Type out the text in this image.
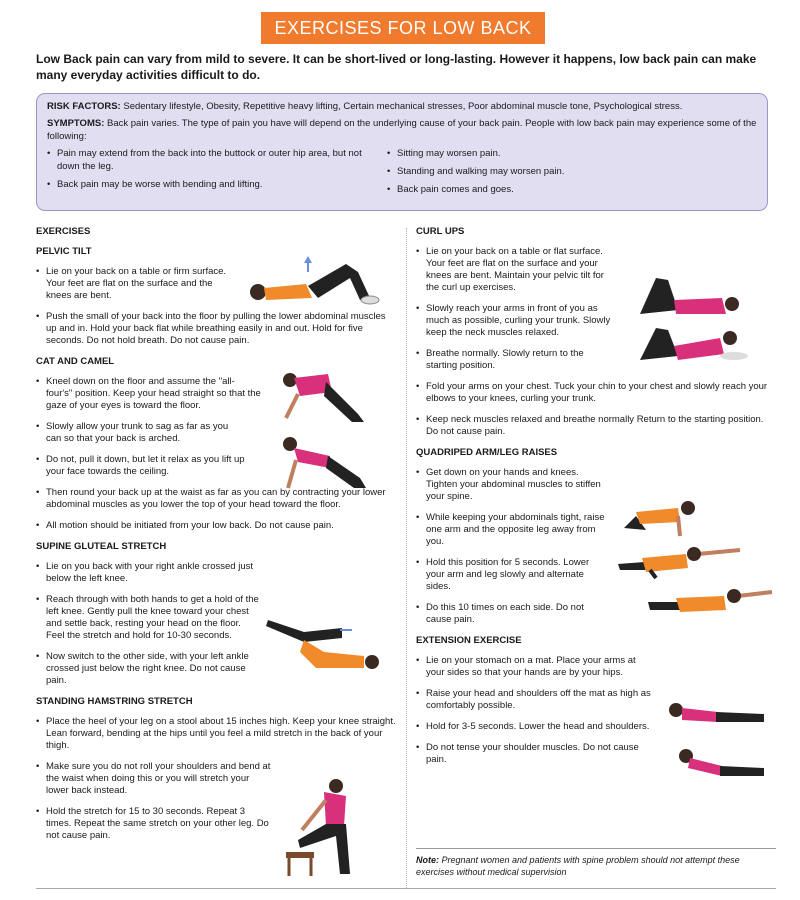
EXERCISES FOR LOW BACK
Low Back pain can vary from mild to severe. It can be short-lived or long-lasting. However it happens, low back pain can make many everyday activities difficult to do.

RISK FACTORS: Sedentary lifestyle, Obesity, Repetitive heavy lifting, Certain mechanical stresses, Poor abdominal muscle tone, Psychological stress.

SYMPTOMS: Back pain varies. The type of pain you have will depend on the underlying cause of your back pain. People with low back pain may experience some of the following:

• Pain may extend from the back into the buttock or outer hip area, but not down the leg.
• Back pain may be worse with bending and lifting.
• Sitting may worsen pain.
• Standing and walking may worsen pain.
• Back pain comes and goes.
EXERCISES
PELVIC TILT
• Lie on your back on a table or firm surface. Your feet are flat on the surface and the knees are bent.
• Push the small of your back into the floor by pulling the lower abdominal muscles up and in. Hold your back flat while breathing easily in and out. Hold for five seconds. Do not hold breath. Do not cause pain.
CAT AND CAMEL
• Kneel down on the floor and assume the "all-four's" position. Keep your head straight so that the gaze of your eyes is toward the floor.
• Slowly allow your trunk to sag as far as you can so that your back is arched.
• Do not, pull it down, but let it relax as you lift up your face towards the ceiling.
• Then round your back up at the waist as far as you can by contracting your lower abdominal muscles as you lower the top of your head toward the floor.
• All motion should be initiated from your low back. Do not cause pain.
SUPINE GLUTEAL STRETCH
• Lie on you back with your right ankle crossed just below the left knee.
• Reach through with both hands to get a hold of the left knee. Gently pull the knee toward your chest and settle back, resting your head on the floor. Feel the stretch and hold for 10-30 seconds.
• Now switch to the other side, with your left ankle crossed just below the right knee. Do not cause pain.
STANDING HAMSTRING STRETCH
• Place the heel of your leg on a stool about 15 inches high. Keep your knee straight. Lean forward, bending at the hips until you feel a mild stretch in the back of your thigh.
• Make sure you do not roll your shoulders and bend at the waist when doing this or you will stretch your lower back instead.
• Hold the stretch for 15 to 30 seconds. Repeat 3 times. Repeat the same stretch on your other leg. Do not cause pain.
CURL UPS
• Lie on your back on a table or flat surface. Your feet are flat on the surface and your knees are bent. Maintain your pelvic tilt for the curl up exercises.
• Slowly reach your arms in front of you as much as possible, curling your trunk. Slowly keep the neck muscles relaxed.
• Breathe normally. Slowly return to the starting position.
• Fold your arms on your chest. Tuck your chin to your chest and slowly reach your elbows to your knees, curling your trunk.
• Keep neck muscles relaxed and breathe normally Return to the starting position. Do not cause pain.
QUADRIPED ARM/LEG RAISES
• Get down on your hands and knees. Tighten your abdominal muscles to stiffen your spine.
• While keeping your abdominals tight, raise one arm and the opposite leg away from you.
• Hold this position for 5 seconds. Lower your arm and leg slowly and alternate sides.
• Do this 10 times on each side. Do not cause pain.
EXTENSION EXERCISE
• Lie on your stomach on a mat. Place your arms at your sides so that your hands are by your hips.
• Raise your head and shoulders off the mat as high as comfortably possible.
• Hold for 3-5 seconds. Lower the head and shoulders.
• Do not tense your shoulder muscles. Do not cause pain.
Note: Pregnant women and patients with spine problem should not attempt these exercises without medical supervision
